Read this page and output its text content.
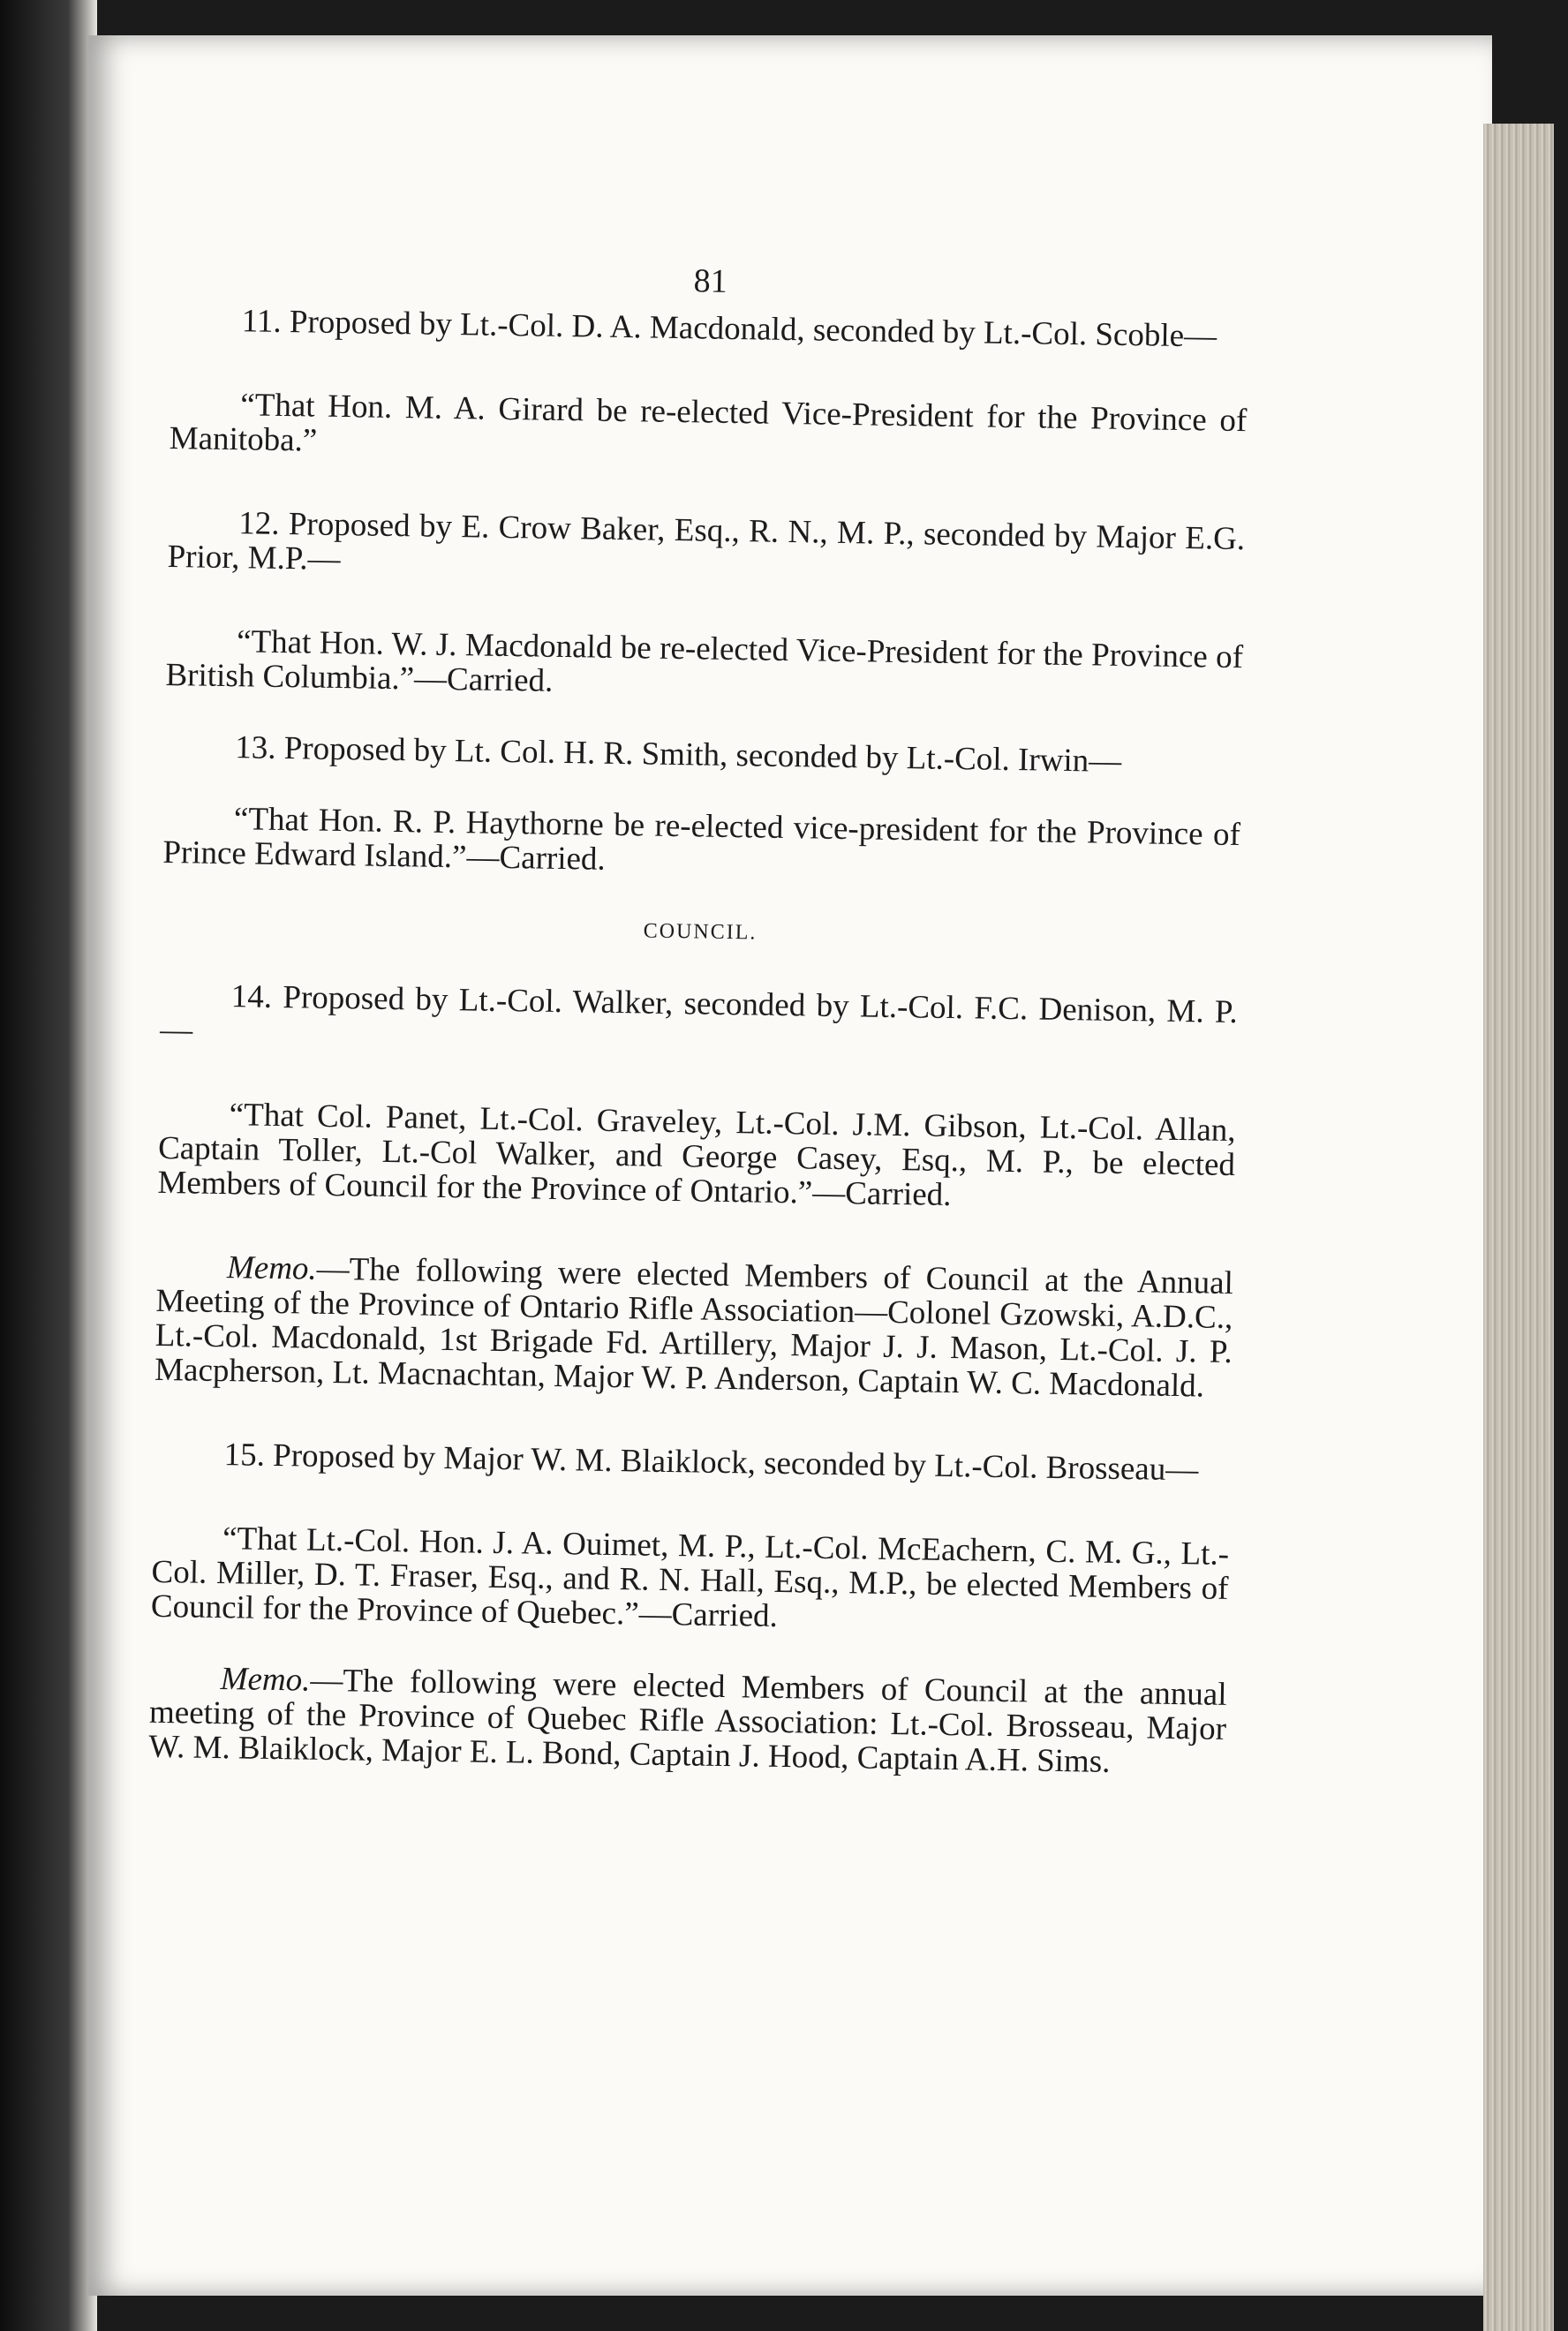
81

11. Proposed by Lt.-Col. D. A. Macdonald, seconded by Lt.-Col. Scoble—

“That Hon. M. A. Girard be re-elected Vice-President for the Province of Manitoba.”

12. Proposed by E. Crow Baker, Esq., R. N., M. P., seconded by Major E.G. Prior, M.P.—

“That Hon. W. J. Macdonald be re-elected Vice-President for the Province of British Columbia.”—Carried.

13. Proposed by Lt. Col. H. R. Smith, seconded by Lt.-Col. Irwin—

“That Hon. R. P. Haythorne be re-elected vice-president for the Province of Prince Edward Island.”—Carried.

COUNCIL.

14. Proposed by Lt.-Col. Walker, seconded by Lt.-Col. F.C. Denison, M. P.—

“That Col. Panet, Lt.-Col. Graveley, Lt.-Col. J.M. Gibson, Lt.-Col. Allan, Captain Toller, Lt.-Col Walker, and George Casey, Esq., M. P., be elected Members of Council for the Province of Ontario.”—Carried.

Memo.—The following were elected Members of Council at the Annual Meeting of the Province of Ontario Rifle Association—Colonel Gzowski, A.D.C., Lt.-Col. Macdonald, 1st Brigade Fd. Artillery, Major J. J. Mason, Lt.-Col. J. P. Macpherson, Lt. Macnachtan, Major W. P. Anderson, Captain W. C. Macdonald.

15. Proposed by Major W. M. Blaiklock, seconded by Lt.-Col. Brosseau—

“That Lt.-Col. Hon. J. A. Ouimet, M. P., Lt.-Col. McEachern, C. M. G., Lt.-Col. Miller, D. T. Fraser, Esq., and R. N. Hall, Esq., M.P., be elected Members of Council for the Province of Quebec.”—Carried.

Memo.—The following were elected Members of Council at the annual meeting of the Province of Quebec Rifle Association: Lt.-Col. Brosseau, Major W. M. Blaiklock, Major E. L. Bond, Captain J. Hood, Captain A.H. Sims.
